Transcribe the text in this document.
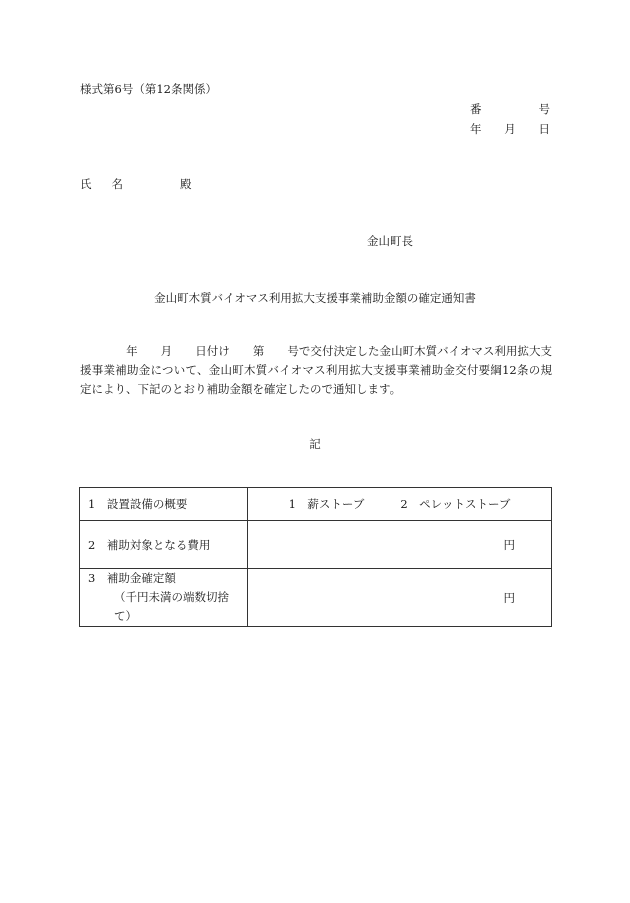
様式第6号（第12条関係）
番	号
年 月 日
氏 名	殿
金山町長
金山町木質バイオマス利用拡大支援事業補助金額の確定通知書
　　　　年　　月　　日付け　　第　　号で交付決定した金山町木質バイオマス利用拡大支援事業補助金について、金山町木質バイオマス利用拡大支援事業補助金交付要綱12条の規定により、下記のとおり補助金額を確定したので通知します。
記
1　設置設備の概要	1　薪ストーブ 2　ペレットストーブ

2　補助対象となる費用	円
3　補助金確定額
（千円未満の端数切捨て）	円
